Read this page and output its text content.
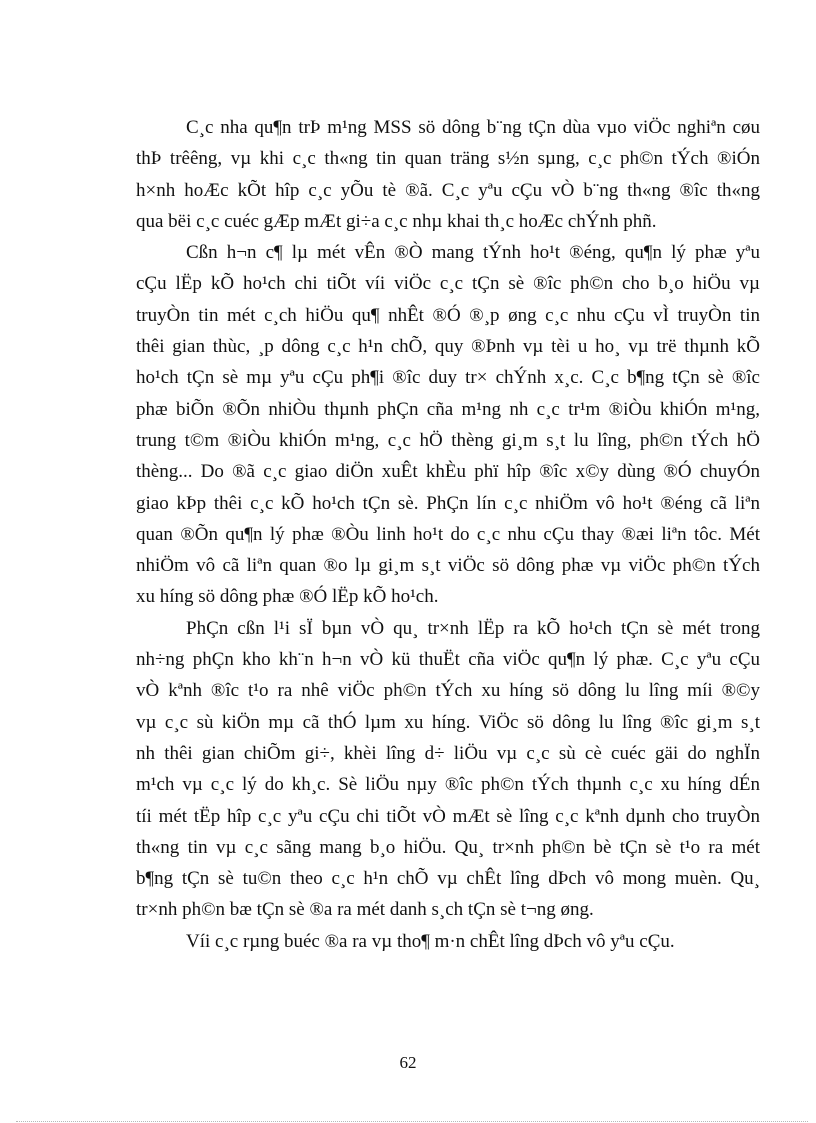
C¸c nha qu¶n trÞ m¹ng MSS sö dông b¨ng tÇn dùa vµo viÖc nghiªn cøu
thÞ trêêng, vµ khi c¸c th«ng tin quan träng s½n sµng, c¸c ph©n tÝch ®iÓn
h×nh hoÆc kÕt hîp c¸c yÕu tè ®ã. C¸c yªu cÇu vÒ b¨ng th«ng ®îc th«ng
qua bëi c¸c cuéc gÆp mÆt gi÷a c¸c nhµ khai th¸c hoÆc chÝnh phñ.

Cßn h¬n c¶ lµ mét vÊn ®Ò mang tÝnh ho¹t ®éng, qu¶n lý phæ yªu
cÇu lËp kÕ ho¹ch chi tiÕt víi viÖc c¸c tÇn sè ®îc ph©n cho b¸o hiÖu vµ
truyÒn tin mét c¸ch hiÖu qu¶ nhÊt ®Ó ®¸p øng c¸c nhu cÇu vÌ truyÒn tin
thêi gian thùc, ¸p dông c¸c h¹n chÕ, quy ®Þnh vµ tèi u ho¸ vµ trë thµnh kÕ
ho¹ch tÇn sè mµ yªu cÇu ph¶i ®îc duy tr× chÝnh x¸c. C¸c b¶ng tÇn sè ®îc
phæ biÕn ®Õn nhiÒu thµnh phÇn cña m¹ng nh c¸c tr¹m ®iÒu khiÓn m¹ng,
trung t©m ®iÒu khiÓn m¹ng, c¸c hÖ thèng gi¸m s¸t lu lîng, ph©n tÝch hÖ
thèng... Do ®ã c¸c giao diÖn xuÊt khÈu phï hîp ®îc x©y dùng ®Ó chuyÓn
giao kÞp thêi c¸c kÕ ho¹ch tÇn sè. PhÇn lín c¸c nhiÖm vô ho¹t ®éng cã liªn
quan ®Õn qu¶n lý phæ ®Òu linh ho¹t do c¸c nhu cÇu thay ®æi liªn tôc. Mét
nhiÖm vô cã liªn quan ®o lµ gi¸m s¸t viÖc sö dông phæ vµ viÖc ph©n tÝch
xu híng sö dông phæ ®Ó lËp kÕ ho¹ch.

PhÇn cßn l¹i sÏ bµn vÒ qu¸ tr×nh lËp ra kÕ ho¹ch tÇn sè mét trong
nh÷ng phÇn kho kh¨n h¬n vÒ kü thuËt cña viÖc qu¶n lý phæ. C¸c yªu cÇu
vÒ kªnh ®îc t¹o ra nhê viÖc ph©n tÝch xu híng sö dông lu lîng míi ®©y
vµ c¸c sù kiÖn mµ cã thÓ lµm xu híng. ViÖc sö dông lu lîng ®îc gi¸m s¸t
nh thêi gian chiÕm gi÷, khèi lîng d÷ liÖu vµ c¸c sù cè cuéc gäi do nghÏn
m¹ch vµ c¸c lý do kh¸c. Sè liÖu nµy ®îc ph©n tÝch thµnh c¸c xu híng dÉn
tíi mét tËp hîp c¸c yªu cÇu chi tiÕt vÒ mÆt sè lîng c¸c kªnh dµnh cho truyÒn
th«ng tin vµ c¸c sãng mang b¸o hiÖu. Qu¸ tr×nh ph©n bè tÇn sè t¹o ra mét
b¶ng tÇn sè tu©n theo c¸c h¹n chÕ vµ chÊt lîng dÞch vô mong muèn. Qu¸
tr×nh ph©n bæ tÇn sè ®a ra mét danh s¸ch tÇn sè t¬ng øng.

Víi c¸c rµng buéc ®a ra vµ tho¶ m·n chÊt lîng dÞch vô yªu cÇu.

62
